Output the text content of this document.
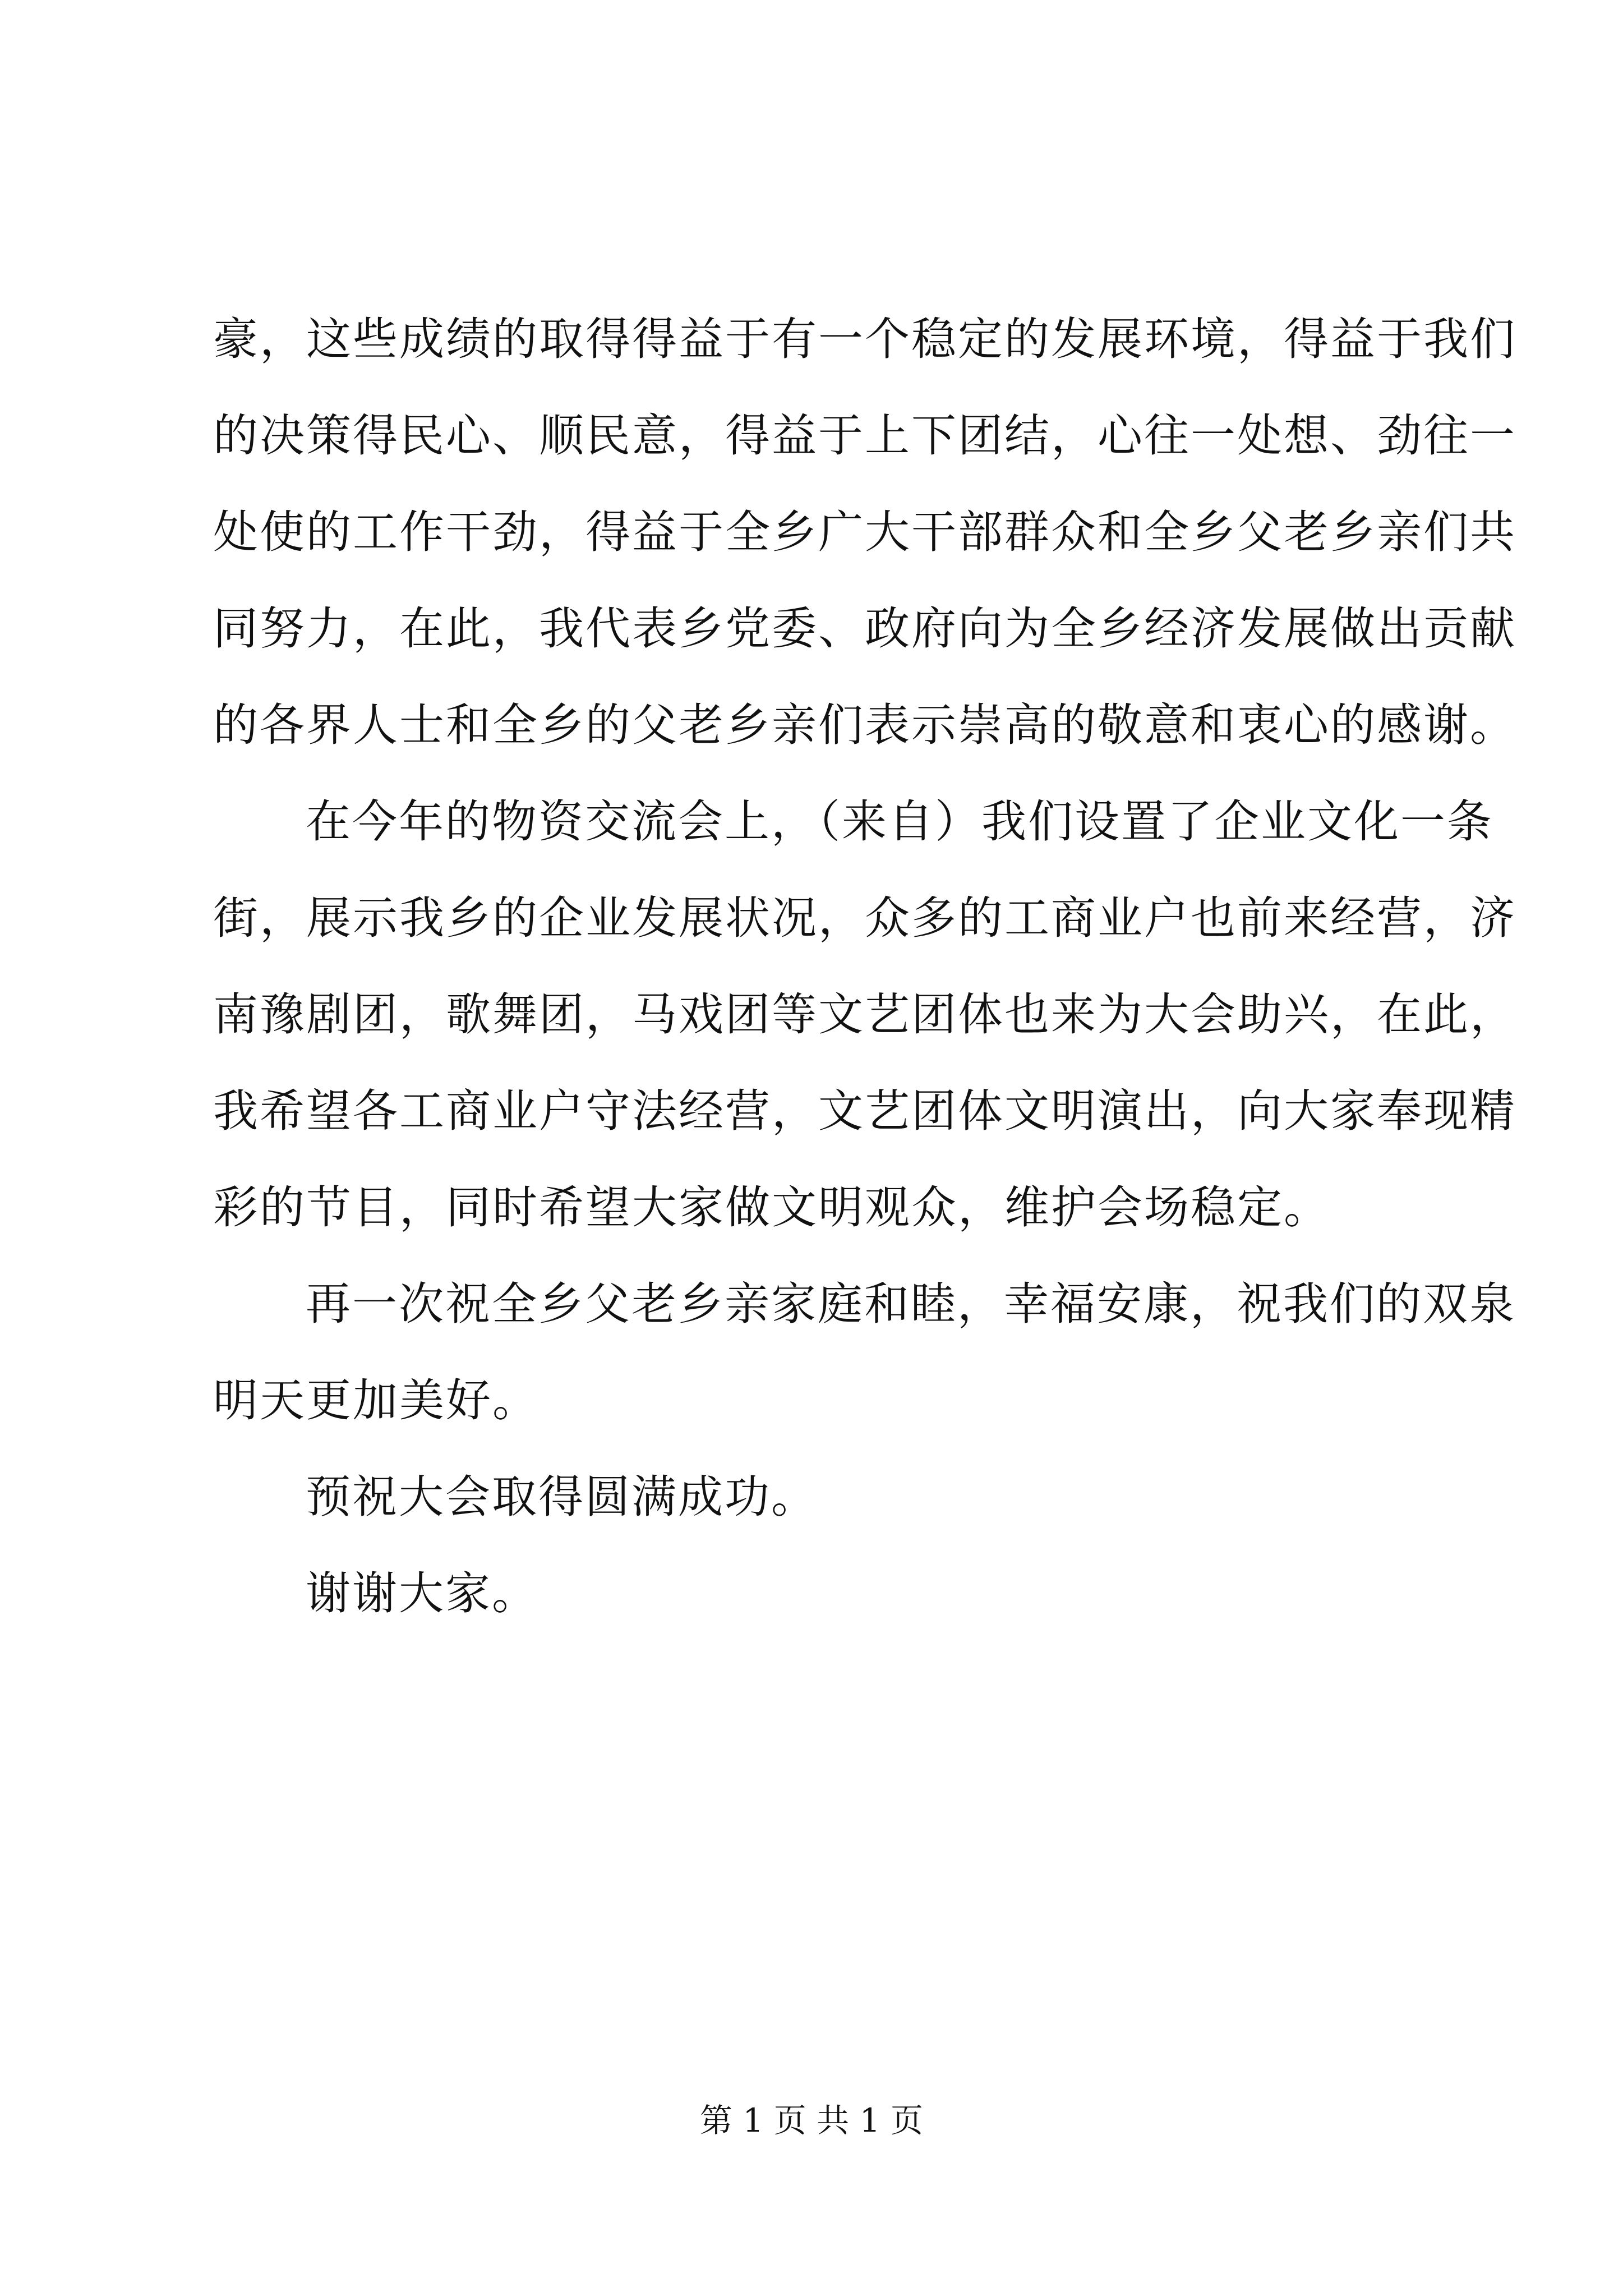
豪，这些成绩的取得得益于有一个稳定的发展环境，得益于我们
的决策得民心、顺民意，得益于上下团结，心往一处想、劲往一
处使的工作干劲，得益于全乡广大干部群众和全乡父老乡亲们共
同努力，在此，我代表乡党委、政府向为全乡经济发展做出贡献
的各界人士和全乡的父老乡亲们表示崇高的敬意和衷心的感谢。
在今年的物资交流会上，（来自）我们设置了企业文化一条
街，展示我乡的企业发展状况，众多的工商业户也前来经营，济
南豫剧团，歌舞团，马戏团等文艺团体也来为大会助兴，在此，
我希望各工商业户守法经营，文艺团体文明演出，向大家奉现精
彩的节目，同时希望大家做文明观众，维护会场稳定。
再一次祝全乡父老乡亲家庭和睦，幸福安康，祝我们的双泉
明天更加美好。
预祝大会取得圆满成功。
谢谢大家。
第 1 页 共 1 页
